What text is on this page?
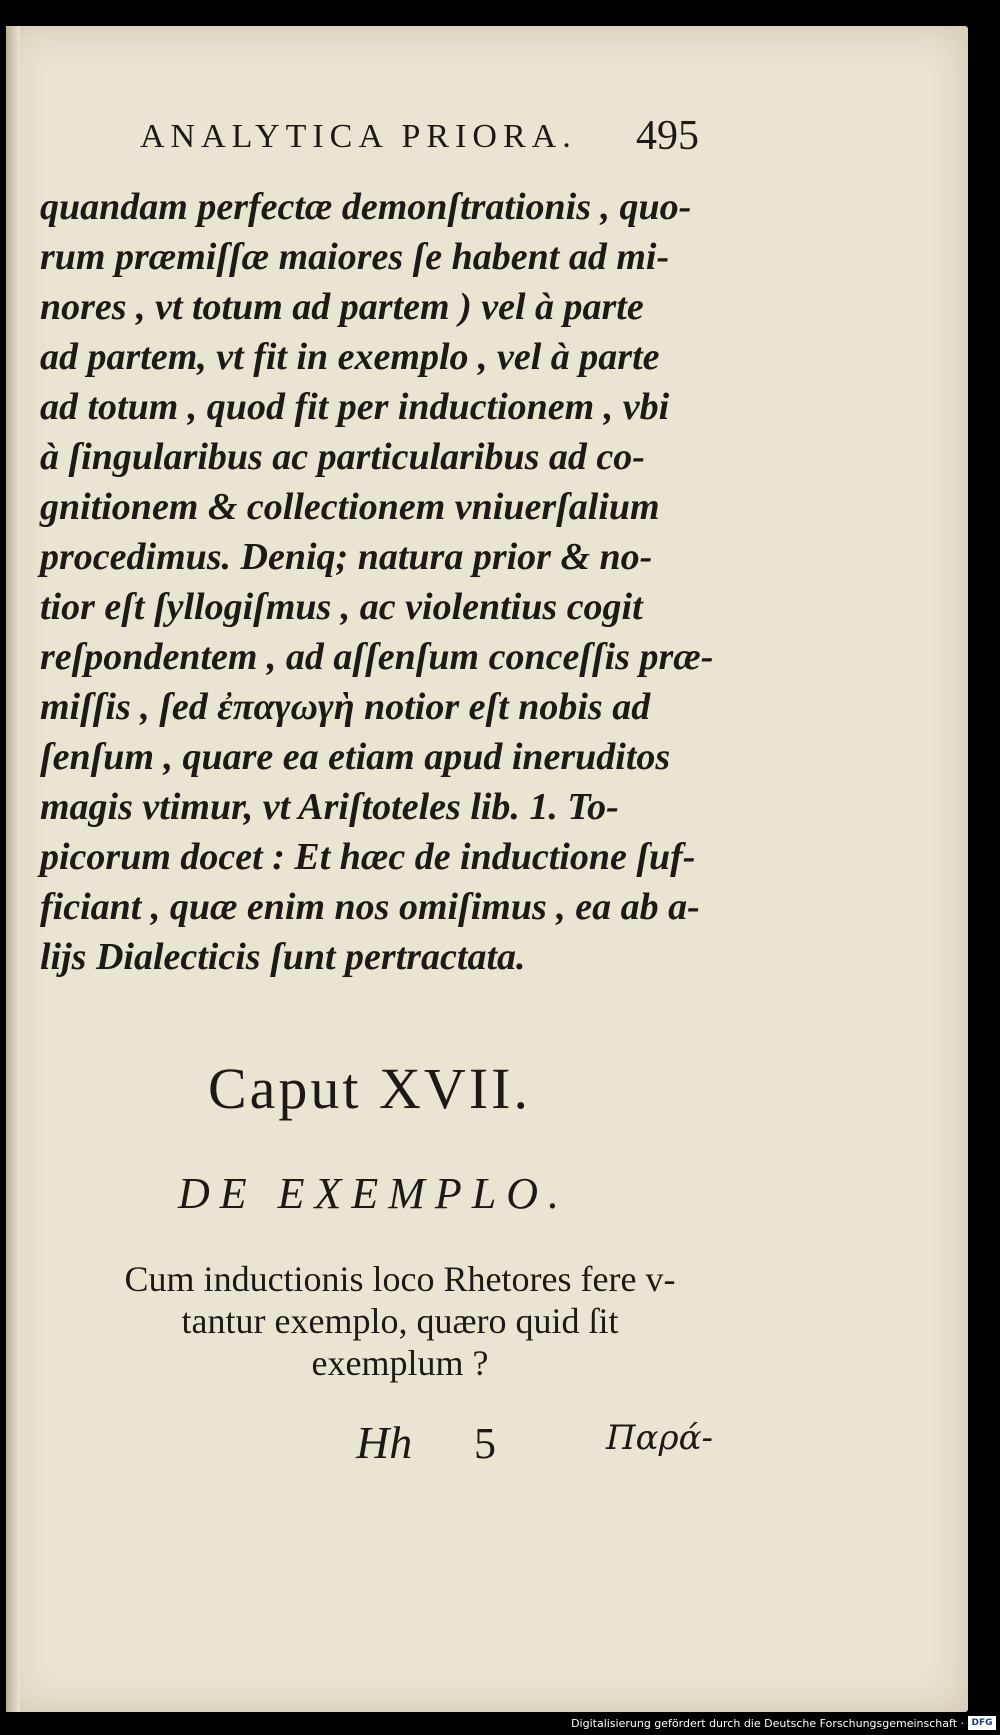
ANALYTICA PRIORA.	495
quandam perfectæ demonſtrationis , quo-
rum præmiſſæ maiores ſe habent ad mi-
nores , vt totum ad partem ) vel à parte
ad partem, vt fit in exemplo , vel à parte
ad totum , quod fit per inductionem , vbi
à ſingularibus ac particularibus ad co-
gnitionem & collectionem vniuerſalium
procedimus. Deniq; natura prior & no-
tior eſt ſyllogiſmus , ac violentius cogit
reſpondentem , ad aſſenſum conceſſis præ-
miſſis , ſed ἐπαγωγὴ notior eſt nobis ad
ſenſum , quare ea etiam apud ineruditos
magis vtimur, vt Ariſtoteles lib. 1. To-
picorum docet : Et hæc de inductione ſuf-
ficiant , quæ enim nos omiſimus , ea ab a-
lijs Dialecticis ſunt pertractata.
Caput XVII.
DE EXEMPLO.
Cum inductionis loco Rhetores fere v-
tantur exemplo, quæro quid ſit
exemplum ?
Hh 5	Παρά-
Digitalisierung gefördert durch die Deutsche Forschungsgemeinschaft · DFG
